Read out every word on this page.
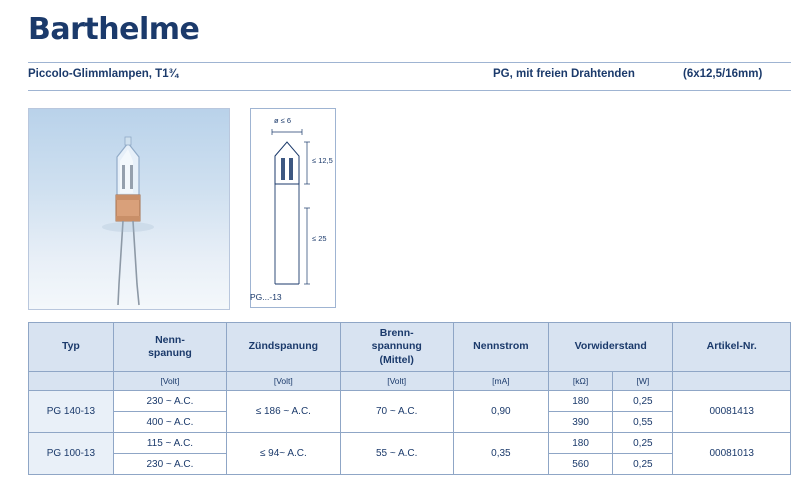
Barthelme
Piccolo-Glimmlampen, T1¾	PG, mit freien Drahtenden	(6x12,5/16mm)
ø ≤ 6
≤ 12,5
≤ 25
PG...-13
Typ	
Nenn-
spanung
	Zündspanung	
Brenn-
spannung
(Mittel)
	Nennstrom	Vorwiderstand	Artikel-Nr.
	[Volt]	[Volt]	[Volt]	[mA]	[kΩ]	[W]	
PG 140-13	230 ~ A.C.	≤ 186 ~ A.C.	70 ~ A.C.	0,90	180	0,25	00081413
	400 ~ A.C.				390	0,55	
PG 100-13	115 ~ A.C.	≤ 94~ A.C.	55 ~ A.C.	0,35	180	0,25	00081013
	230 ~ A.C.				560	0,25	
